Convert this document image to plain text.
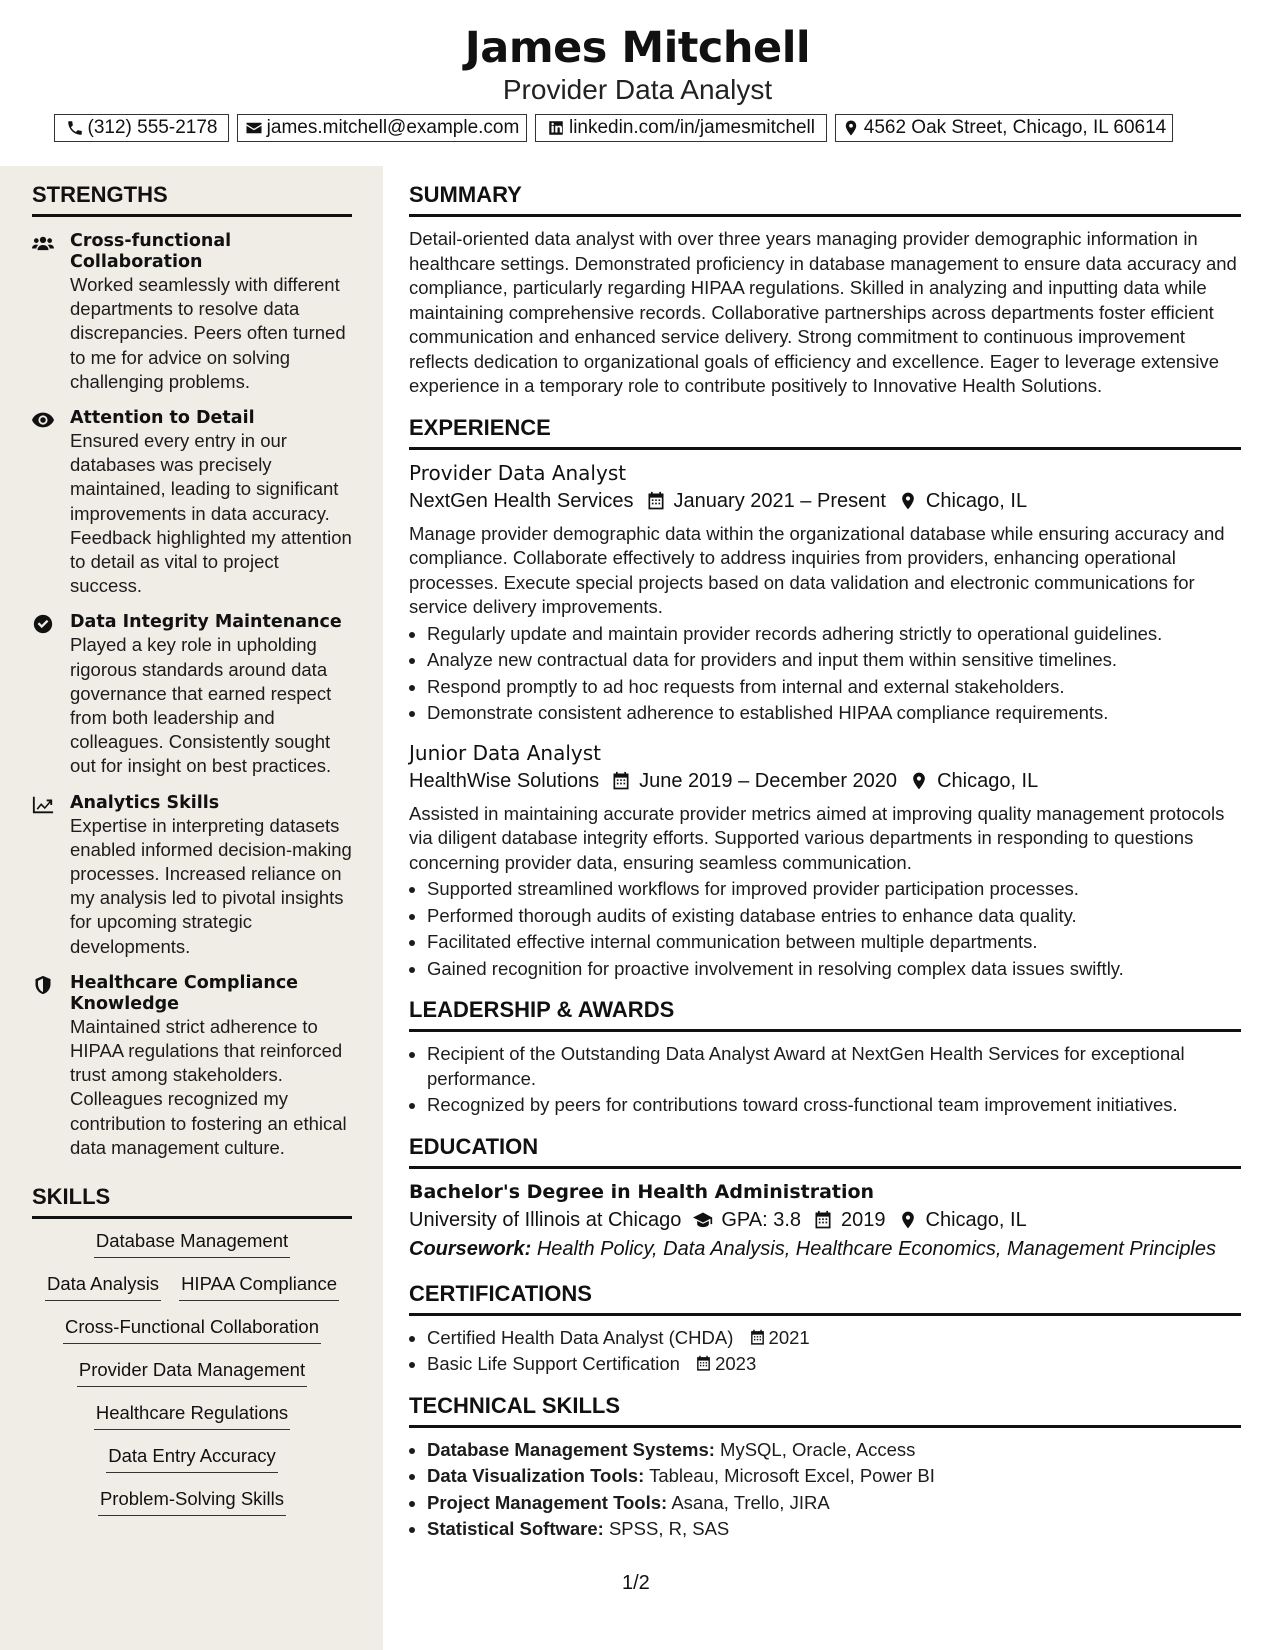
James Mitchell
Provider Data Analyst
(312) 555-2178	james.mitchell@example.com	linkedin.com/in/jamesmitchell	4562 Oak Street, Chicago, IL 60614
STRENGTHS
Cross-functional Collaboration
Worked seamlessly with different departments to resolve data discrepancies. Peers often turned to me for advice on solving challenging problems.
Attention to Detail
Ensured every entry in our databases was precisely maintained, leading to significant improvements in data accuracy. Feedback highlighted my attention to detail as vital to project success.
Data Integrity Maintenance
Played a key role in upholding rigorous standards around data governance that earned respect from both leadership and colleagues. Consistently sought out for insight on best practices.
Analytics Skills
Expertise in interpreting datasets enabled informed decision-making processes. Increased reliance on my analysis led to pivotal insights for upcoming strategic developments.
Healthcare Compliance Knowledge
Maintained strict adherence to HIPAA regulations that reinforced trust among stakeholders. Colleagues recognized my contribution to fostering an ethical data management culture.
SKILLS
Database Management
Data Analysis HIPAA Compliance
Cross-Functional Collaboration
Provider Data Management
Healthcare Regulations
Data Entry Accuracy
Problem-Solving Skills
SUMMARY

Detail-oriented data analyst with over three years managing provider demographic information in healthcare settings. Demonstrated proficiency in database management to ensure data accuracy and compliance, particularly regarding HIPAA regulations. Skilled in analyzing and inputting data while maintaining comprehensive records. Collaborative partnerships across departments foster efficient communication and enhanced service delivery. Strong commitment to continuous improvement reflects dedication to organizational goals of efficiency and excellence. Eager to leverage extensive experience in a temporary role to contribute positively to Innovative Health Solutions.

EXPERIENCE
Provider Data Analyst
NextGen Health Services January 2021 – Present Chicago, IL

Manage provider demographic data within the organizational database while ensuring accuracy and compliance. Collaborate effectively to address inquiries from providers, enhancing operational processes. Execute special projects based on data validation and electronic communications for service delivery improvements.

• Regularly update and maintain provider records adhering strictly to operational guidelines.
• Analyze new contractual data for providers and input them within sensitive timelines.
• Respond promptly to ad hoc requests from internal and external stakeholders.
• Demonstrate consistent adherence to established HIPAA compliance requirements.
Junior Data Analyst
HealthWise Solutions June 2019 – December 2020 Chicago, IL

Assisted in maintaining accurate provider metrics aimed at improving quality management protocols via diligent database integrity efforts. Supported various departments in responding to questions concerning provider data, ensuring seamless communication.

• Supported streamlined workflows for improved provider participation processes.
• Performed thorough audits of existing database entries to enhance data quality.
• Facilitated effective internal communication between multiple departments.
• Gained recognition for proactive involvement in resolving complex data issues swiftly.
LEADERSHIP & AWARDS
• Recipient of the Outstanding Data Analyst Award at NextGen Health Services for exceptional performance.
• Recognized by peers for contributions toward cross-functional team improvement initiatives.
EDUCATION
Bachelor's Degree in Health Administration
University of Illinois at Chicago GPA: 3.8 2019 Chicago, IL
Coursework: Health Policy, Data Analysis, Healthcare Economics, Management Principles
CERTIFICATIONS
• Certified Health Data Analyst (CHDA) 2021
• Basic Life Support Certification 2023
TECHNICAL SKILLS
• Database Management Systems: MySQL, Oracle, Access
• Data Visualization Tools: Tableau, Microsoft Excel, Power BI
• Project Management Tools: Asana, Trello, JIRA
• Statistical Software: SPSS, R, SAS
1/2
